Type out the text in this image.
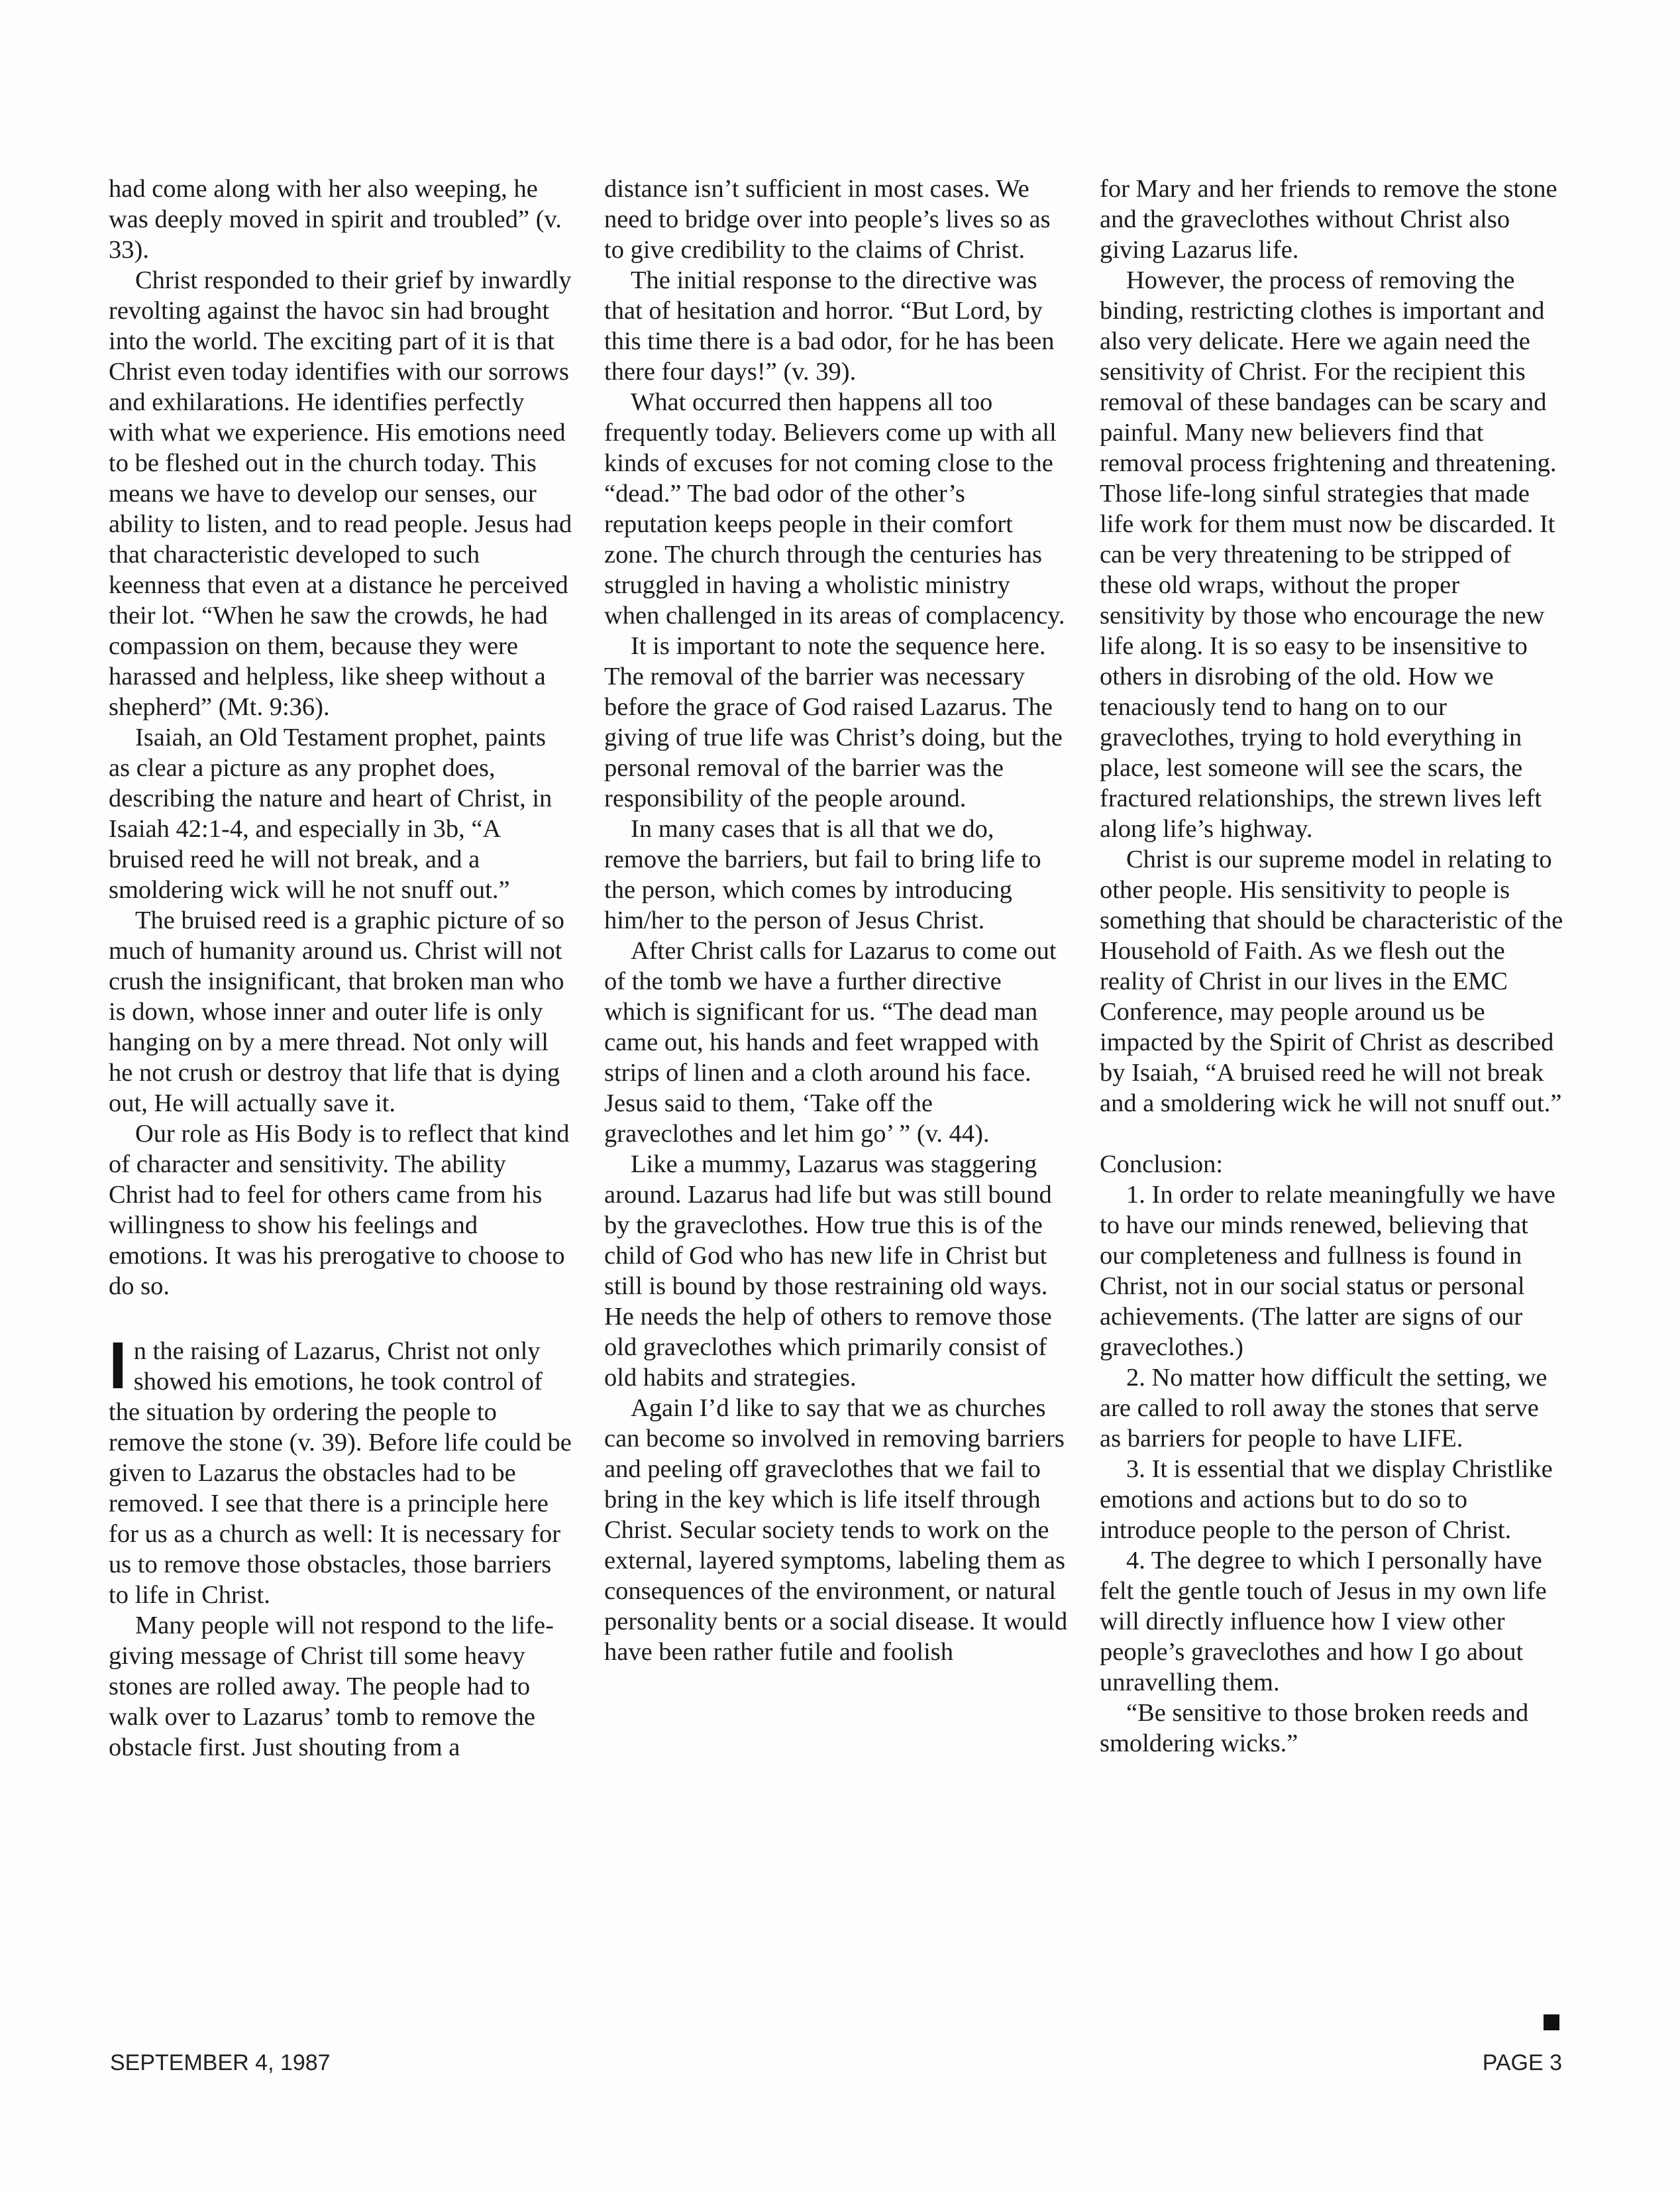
had come along with her also weeping, he was deeply moved in spirit and troubled” (v. 33).

Christ responded to their grief by inwardly revolting against the havoc sin had brought into the world. The exciting part of it is that Christ even today identifies with our sorrows and exhilarations. He identifies perfectly with what we experience. His emotions need to be fleshed out in the church today. This means we have to develop our senses, our ability to listen, and to read people. Jesus had that characteristic developed to such keenness that even at a distance he perceived their lot. “When he saw the crowds, he had compassion on them, because they were harassed and helpless, like sheep without a shepherd” (Mt. 9:36).

Isaiah, an Old Testament prophet, paints as clear a picture as any prophet does, describing the nature and heart of Christ, in Isaiah 42:1-4, and especially in 3b, “A bruised reed he will not break, and a smoldering wick will he not snuff out.”

The bruised reed is a graphic picture of so much of humanity around us. Christ will not crush the insignificant, that broken man who is down, whose inner and outer life is only hanging on by a mere thread. Not only will he not crush or destroy that life that is dying out, He will actually save it.

Our role as His Body is to reflect that kind of character and sensitivity. The ability Christ had to feel for others came from his willingness to show his feelings and emotions. It was his prerogative to choose to do so.

In the raising of Lazarus, Christ not only showed his emotions, he took control of the situation by ordering the people to remove the stone (v. 39). Before life could be given to Lazarus the obstacles had to be removed. I see that there is a principle here for us as a church as well: It is necessary for us to remove those obstacles, those barriers to life in Christ.

Many people will not respond to the life-giving message of Christ till some heavy stones are rolled away. The people had to walk over to Lazarus’ tomb to remove the obstacle first. Just shouting from a

distance isn’t sufficient in most cases. We need to bridge over into people’s lives so as to give credibility to the claims of Christ.

The initial response to the directive was that of hesitation and horror. “But Lord, by this time there is a bad odor, for he has been there four days!” (v. 39).

What occurred then happens all too frequently today. Believers come up with all kinds of excuses for not coming close to the “dead.” The bad odor of the other’s reputation keeps people in their comfort zone. The church through the centuries has struggled in having a wholistic ministry when challenged in its areas of complacency.

It is important to note the sequence here. The removal of the barrier was necessary before the grace of God raised Lazarus. The giving of true life was Christ’s doing, but the personal removal of the barrier was the responsibility of the people around.

In many cases that is all that we do, remove the barriers, but fail to bring life to the person, which comes by introducing him/her to the person of Jesus Christ.

After Christ calls for Lazarus to come out of the tomb we have a further directive which is significant for us. “The dead man came out, his hands and feet wrapped with strips of linen and a cloth around his face. Jesus said to them, ‘Take off the graveclothes and let him go’ ” (v. 44).

Like a mummy, Lazarus was staggering around. Lazarus had life but was still bound by the graveclothes. How true this is of the child of God who has new life in Christ but still is bound by those restraining old ways. He needs the help of others to remove those old graveclothes which primarily consist of old habits and strategies.

Again I’d like to say that we as churches can become so involved in removing barriers and peeling off graveclothes that we fail to bring in the key which is life itself through Christ. Secular society tends to work on the external, layered symptoms, labeling them as consequences of the environment, or natural personality bents or a social disease. It would have been rather futile and foolish

for Mary and her friends to remove the stone and the graveclothes without Christ also giving Lazarus life.

However, the process of removing the binding, restricting clothes is important and also very delicate. Here we again need the sensitivity of Christ. For the recipient this removal of these bandages can be scary and painful. Many new believers find that removal process frightening and threatening. Those life-long sinful strategies that made life work for them must now be discarded. It can be very threatening to be stripped of these old wraps, without the proper sensitivity by those who encourage the new life along. It is so easy to be insensitive to others in disrobing of the old. How we tenaciously tend to hang on to our graveclothes, trying to hold everything in place, lest someone will see the scars, the fractured relationships, the strewn lives left along life’s highway.

Christ is our supreme model in relating to other people. His sensitivity to people is something that should be characteristic of the Household of Faith. As we flesh out the reality of Christ in our lives in the EMC Conference, may people around us be impacted by the Spirit of Christ as described by Isaiah, “A bruised reed he will not break and a smoldering wick he will not snuff out.”

Conclusion:

1. In order to relate meaningfully we have to have our minds renewed, believing that our completeness and fullness is found in Christ, not in our social status or personal achievements. (The latter are signs of our graveclothes.)

2. No matter how difficult the setting, we are called to roll away the stones that serve as barriers for people to have LIFE.

3. It is essential that we display Christlike emotions and actions but to do so to introduce people to the person of Christ.

4. The degree to which I personally have felt the gentle touch of Jesus in my own life will directly influence how I view other people’s graveclothes and how I go about unravelling them.

“Be sensitive to those broken reeds and smoldering wicks.”

SEPTEMBER 4, 1987	PAGE 3
